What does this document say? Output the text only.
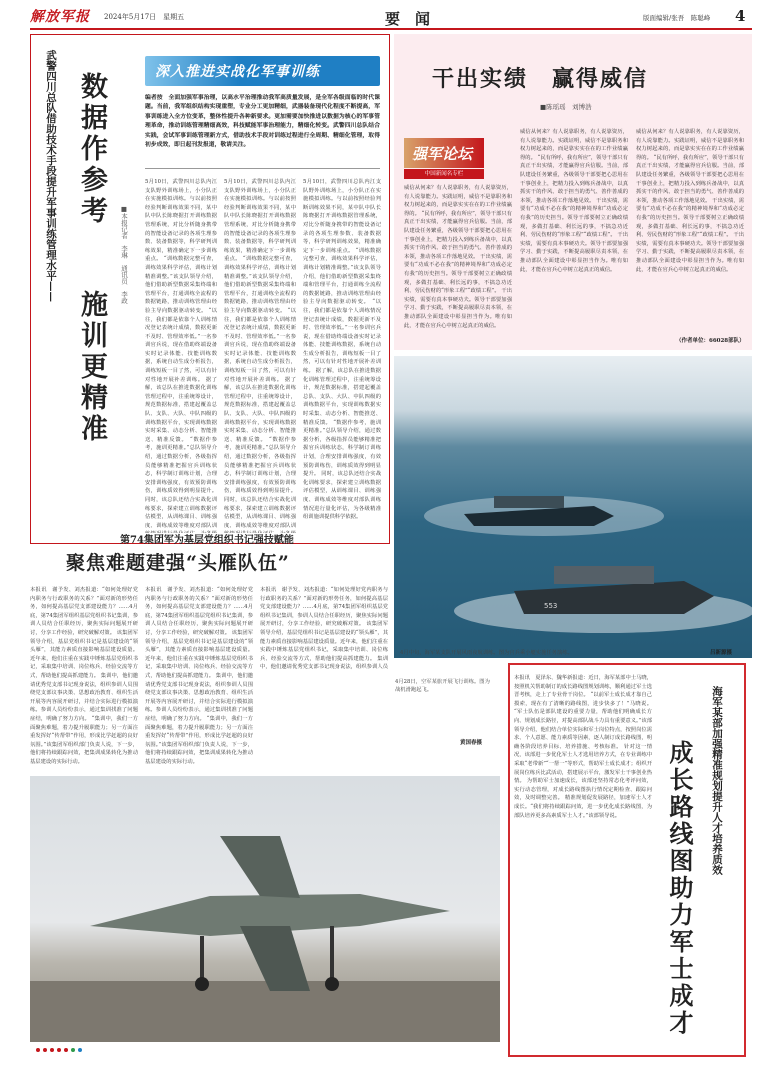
解放军报 2024年5月17日　星期五	要　闻	版面编辑/张吾　陈聪峰 4
深入推进实战化军事训练
武警四川总队借助技术手段提升军事训练管理水平—— 数据作参考
施训更精准
■本报记者　李琳　通讯员　李政
编者按　全面加强军事治理，以高水平治理推动我军高质量发展，是全军各级面临的时代课题。当前，我军组织结构实现重塑，专业分工更加精细，武器装备现代化程度不断提高，军事训练进入全方位变革，整体性提升各种新要求。更加需要加快推进以数据为核心的军事管理革命，推动训练管理精细高效，科技赋能军事治理能力，精细化转变。武警四川总队结合实践，会试军事训练管理新方式，借助技术手段对训练过程进行全周期、精细化管理，取得初步成效，即日起刊发报道，敬请关注。
5月10日，武警四川总队内江支队野外训练场上，小分队正在实施模拟训练。与以前按照经验判断训练效果不同，某中队中队长陈晓据打开训练数据管理系统，对比分析随身携带的智能设备记录的各项生理参数、装备数据等，科学研判训练效果，精准确定下一步训练重点。 “训练数据完整可查，训练效果科学评估，训练计划精准调整。”该支队领导介绍，他们借助新型数据采集终端和管理平台，打通训练全流程的数据链路，推动训练管理由经验主导向数据驱动转变。 “以往，我们都是依靠个人训练情况登记表统计成绩，数据更新不及时、管理效率低。”一名参训官兵说，现在借助终端设备实时记录体能、技能训练数据，系统自动生成分析报告，训练短板一目了然，可以有针对性地开展补差训练。 据了解，该总队在推进数据化训练管理过程中，注重统筹设计，规范数据标准，搭建起覆盖总队、支队、大队、中队四级的训练数据平台，实现训练数据实时采集、动态分析、智能推送、精准反馈。 “数据作参考，施训更精准。”总队领导介绍，通过数据分析，各级指挥员能够精准把握官兵训练状态，科学制订训练计划，合理安排训练强度，有效预防训练伤，训练质效得到明显提升。 同时，该总队还结合实战化训练要求，探索建立训练数据评估模型，从训练课目、训练强度、训练成效等维度对部队训
5月10日，武警四川总队内江支队野外训练场上，小分队正在实施模拟训练。与以前按照经验判断训练效果不同，某中队中队长陈晓据打开训练数据管理系统，对比分析随身携带的智能设备记录的各项生理参数、装备数据等，科学研判训练效果，精准确定下一步训练重点。 “训练数据完整可查，训练效果科学评估，训练计划精准调整。”该支队领导介绍，他们借助新型数据采集终端和管理平台，打通训练全流程的数据链路，推动训练管理由经验主导向数据驱动转变。 “以往，我们都是依靠个人训练情况登记表统计成绩，数据更新不及时、管理效率低。”一名参训官兵说，现在借助终端设备实时记录体能、技能训练数据，系统自动生成分析报告，训练短板一目了然，可以有针对性地开展补差训练。 据了解，该总队在推进数据化训练管理过程中，注重统筹设计，规范数据标准，搭建起覆盖总队、支队、大队、中队四级的训练数据平台，实现训练数据实时采集、动态分析、智能推送、精准反馈。 “数据作参考，施训更精准。”总队领导介绍，通过数据分析，各级指挥员能够精准把握官兵训练状态，科学制订训练计划，合理安排训练强度，有效预防训练伤，训练质效得到明显提升。 同时，该总队还结合实战化训练要求，探索建立训练数据评估模型，从训练课目、训练强度、训练成效等维度对部队训
5月10日，武警四川总队内江支队野外训练场上，小分队正在实施模拟训练。与以前按照经验判断训练效果不同，某中队中队长陈晓据打开训练数据管理系统，对比分析随身携带的智能设备记录的各项生理参数、装备数据等，科学研判训练效果，精准确定下一步训练重点。 “训练数据完整可查，训练效果科学评估，训练计划精准调整。”该支队领导介绍，他们借助新型数据采集终端和管理平台，打通训练全流程的数据链路，推动训练管理由经验主导向数据驱动转变。 “以往，我们都是依靠个人训练情况登记表统计成绩，数据更新不及时、管理效率低。”一名参训官兵说，现在借助终端设备实时记录体能、技能训练数据，系统自动生成分析报告，训练短板一目了然，可以有针对性地开展补差训练。 据了解，该总队在推进数据化训练管理过程中，注重统筹设计，规范数据标准，搭建起覆盖总队、支队、大队、中队四级的训练数据平台，实现训练数据实时采集、动态分析、智能推送、精准反馈。 “数据作参考，施训更精准。”总队领导介绍，通过数据分析，各级指挥员能够精准把握官兵训练状态，科学制订训练计划，合理安排训练强度，有效预防训练伤，训练质效得到明显提升。 同时，该总队还结合实战化训练要求，探索建立训练数据评估模型，从训练课目、训练强度、训练成效等维度对部队训练情况进行量化评估，为各级精准组训施训提供科学依据。
干出实绩　赢得威信
■陈瑶瑶　刘博浩
强军论坛
中国新闻名专栏
威信从何来？有人说靠职务，有人说靠资历，有人说靠能力。实践证明，威信不是靠职务和权力树起来的，而是靠实实在在的工作业绩赢得的。 “民有所呼，我有所应”，领导干部只有真正干出实绩，才能赢得官兵信服。当前，部队建设任务繁重，各级领导干部要把心思用在干事创业上，把精力投入到练兵备战中，以真抓实干的作风、敢于担当的勇气、善作善成的本领，推动各项工作落地见效。 干出实绩，需要有“功成不必在我”的精神境界和“功成必定有我”的历史担当。领导干部要树立正确政绩观，多做打基础、利长远的事，不搞急功近利、劳民伤财的“形象工程”“政绩工程”。 干出实绩，需要有真本事硬功夫。领导干部要加强学习、勤于实践，不断提高履职尽责本领，在推动部队全面建设中彰显担当作为。唯有如此，才能在官兵心中树立起真正的威信。
威信从何来？有人说靠职务，有人说靠资历，有人说靠能力。实践证明，威信不是靠职务和权力树起来的，而是靠实实在在的工作业绩赢得的。 “民有所呼，我有所应”，领导干部只有真正干出实绩，才能赢得官兵信服。当前，部队建设任务繁重，各级领导干部要把心思用在干事创业上，把精力投入到练兵备战中，以真抓实干的作风、敢于担当的勇气、善作善成的本领，推动各项工作落地见效。 干出实绩，需要有“功成不必在我”的精神境界和“功成必定有我”的历史担当。领导干部要树立正确政绩观，多做打基础、利长远的事，不搞急功近利、劳民伤财的“形象工程”“政绩工程”。 干出实绩，需要有真本事硬功夫。领导干部要加强学习、勤于实践，不断提高履职尽责本领，在推动部队全面建设中彰显担当作为。唯有如此，才能在官兵心中树立起真正的威信。
威信从何来？有人说靠职务，有人说靠资历，有人说靠能力。实践证明，威信不是靠职务和权力树起来的，而是靠实实在在的工作业绩赢得的。 “民有所呼，我有所应”，领导干部只有真正干出实绩，才能赢得官兵信服。当前，部队建设任务繁重，各级领导干部要把心思用在干事创业上，把精力投入到练兵备战中，以真抓实干的作风、敢于担当的勇气、善作善成的本领，推动各项工作落地见效。 干出实绩，需要有“功成不必在我”的精神境界和“功成必定有我”的历史担当。领导干部要树立正确政绩观，多做打基础、利长远的事，不搞急功近利、劳民伤财的“形象工程”“政绩工程”。 干出实绩，需要有真本事硬功夫。领导干部要加强学习、勤于实践，不断提高履职尽责本领，在推动部队全面建设中彰显担当作为。唯有如此，才能在官兵心中树立起真正的威信。
（作者单位：66028部队）
553
4月中旬，海军某支队开展风雨夜航训练。图为官兵乘小艇实施任务演练。	吕新源摄
第74集团军为基层党组织书记强技赋能
聚焦难题建强“头雁队伍”
本报讯　谢予发、刘杰报道：“如何处理好党内职务与行政职务的关系？”面对新的形势任务，如何提高基层党支部建设能力？……4月底，第74集团军组织基层党组织书记集训，参训人员结合任职经历，聚焦实际问题展开研讨，分享工作经验，研究破解对策。 该集团军领导介绍，基层党组织书记是基层建设的“领头雁”，其能力素质直接影响基层建设质量。近年来，他们注重在实践中锤炼基层党组织书记，采取集中培训、岗位练兵、经验交流等方式，帮助他们提高抓建能力。 集训中，他们邀请优秀党支部书记现身说法，组织参训人员围绕党支部议事决策、思想政治教育、组织生活开展等内容展开研讨，并结合实际进行模拟演练。参训人员纷纷表示，通过集训找准了问题症结，明确了努力方向。 “集训中，我们一方面聚焦难题，着力提升履职能力；另一方面注重发挥好“传帮带”作用，形成比学赶超的良好氛围。”该集团军组织部门负责人说，下一步，他们将持续跟踪问效，把集训成果转化为推动基层建设的实际行动。
本报讯　谢予发、刘杰报道：“如何处理好党内职务与行政职务的关系？”面对新的形势任务，如何提高基层党支部建设能力？……4月底，第74集团军组织基层党组织书记集训，参训人员结合任职经历，聚焦实际问题展开研讨，分享工作经验，研究破解对策。 该集团军领导介绍，基层党组织书记是基层建设的“领头雁”，其能力素质直接影响基层建设质量。近年来，他们注重在实践中锤炼基层党组织书记，采取集中培训、岗位练兵、经验交流等方式，帮助他们提高抓建能力。 集训中，他们邀请优秀党支部书记现身说法，组织参训人员围绕党支部议事决策、思想政治教育、组织生活开展等内容展开研讨，并结合实际进行模拟演练。参训人员纷纷表示，通过集训找准了问题症结，明确了努力方向。 “集训中，我们一方面聚焦难题，着力提升履职能力；另一方面注重发挥好“传帮带”作用，形成比学赶超的良好氛围。”该集团军组织部门负责人说，下一步，他们将持续跟踪问效，把集训成果转化为推动基层建设的实际行动。
本报讯　谢予发、刘杰报道：“如何处理好党内职务与行政职务的关系？”面对新的形势任务，如何提高基层党支部建设能力？……4月底，第74集团军组织基层党组织书记集训，参训人员结合任职经历，聚焦实际问题展开研讨，分享工作经验，研究破解对策。 该集团军领导介绍，基层党组织书记是基层建设的“领头雁”，其能力素质直接影响基层建设质量。近年来，他们注重在实践中锤炼基层党组织书记，采取集中培训、岗位练兵、经验交流等方式，帮助他们提高抓建能力。 集训中，他们邀请优秀党支部书记现身说法，组织参训人员
4月28日，空军某旅开展飞行训练。图为战机滑跑起飞。
黄国春摄
本报讯　夏泽东、魏华新报道：近日，海军某部中士马晓，按照机关帮助制订的成长路线图规划训练，顺利通过军士选晋考核，走上了专业骨干岗位。 “以前军士成长成才靠自己摸索，现在有了清晰的路线图，进步快多了！”马晓说。 “军士队伍是部队建设的重要力量，帮助他们明确成长方向、规划成长路径，对提高部队战斗力具有重要意义。”该部领导介绍，他们结合单位实际和军士岗位特点，按照岗位需求、个人意愿、能力素质等因素，逐人制订成长路线图，明确各阶段培养目标、培养措施、考核标准。 针对这一情况，该部进一步优化军士人才选用培养方式，在专业训练中采取“老带新”“一帮一”等形式，帮助军士成长成才；组织开展岗位练兵比武活动，搭建展示平台，激发军士干事创业热情。 为帮助军士加速成长，该部还坚持常态化考评问效，实行动态管理，对成长路线图执行情况定期检查、跟踪问效，及时调整完善。 精准规划促发展路径，加速军士人才成长。“我们将持续跟踪问效，进一步优化成长路线图，为部队培养更多高素质军士人才。”该部领导说。	海军某部加强精准规划提升人才培养质效
成长路线图助力军士成才
